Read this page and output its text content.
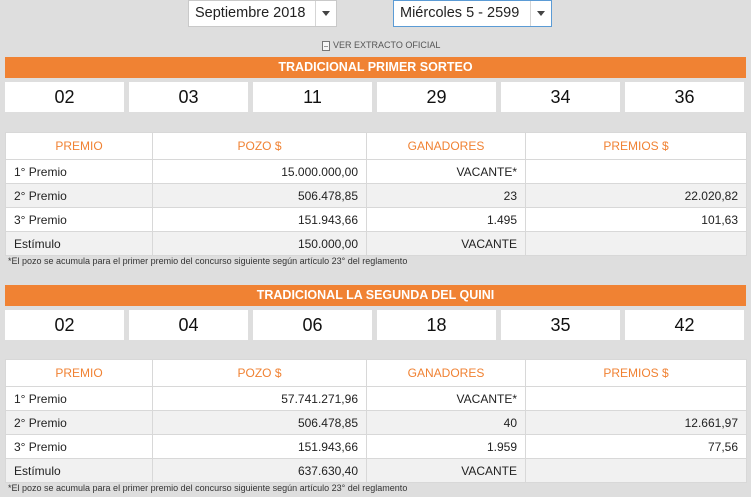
Septiembre 2018	Miércoles 5 - 2599
VER EXTRACTO OFICIAL
TRADICIONAL PRIMER SORTEO
02	03	11	29	34	36
PREMIO	POZO $	GANADORES	PREMIOS $
1° Premio	15.000.000,00	VACANTE*	
2° Premio	506.478,85	23	22.020,82
3° Premio	151.943,66	1.495	101,63
Estímulo	150.000,00	VACANTE	
*El pozo se acumula para el primer premio del concurso siguiente según artículo 23° del reglamento
TRADICIONAL LA SEGUNDA DEL QUINI
02	04	06	18	35	42
PREMIO	POZO $	GANADORES	PREMIOS $
1° Premio	57.741.271,96	VACANTE*	
2° Premio	506.478,85	40	12.661,97
3° Premio	151.943,66	1.959	77,56
Estímulo	637.630,40	VACANTE	
*El pozo se acumula para el primer premio del concurso siguiente según artículo 23° del reglamento
